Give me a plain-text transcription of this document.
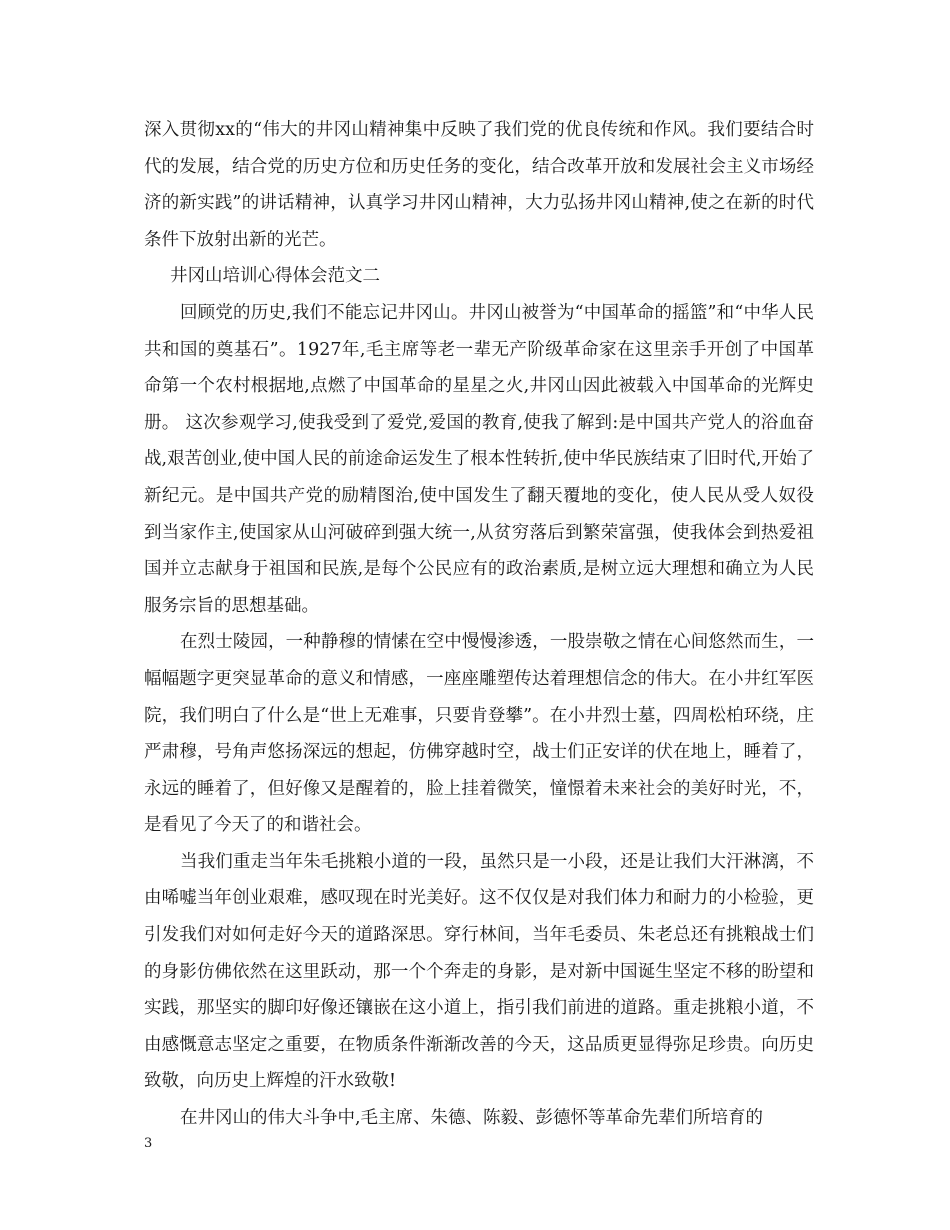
深入贯彻xx的“伟大的井冈山精神集中反映了我们党的优良传统和作风。我们要结合时代的发展，结合党的历史方位和历史任务的变化，结合改革开放和发展社会主义市场经济的新实践”的讲话精神，认真学习井冈山精神，大力弘扬井冈山精神,使之在新的时代条件下放射出新的光芒。

井冈山培训心得体会范文二

回顾党的历史,我们不能忘记井冈山。井冈山被誉为“中国革命的摇篮”和“中华人民共和国的奠基石”。1927年,毛主席等老一辈无产阶级革命家在这里亲手开创了中国革命第一个农村根据地,点燃了中国革命的星星之火,井冈山因此被载入中国革命的光辉史册。 这次参观学习,使我受到了爱党,爱国的教育,使我了解到:是中国共产党人的浴血奋战,艰苦创业,使中国人民的前途命运发生了根本性转折,使中华民族结束了旧时代,开始了新纪元。是中国共产党的励精图治,使中国发生了翻天覆地的变化，使人民从受人奴役到当家作主,使国家从山河破碎到强大统一,从贫穷落后到繁荣富强，使我体会到热爱祖国并立志献身于祖国和民族,是每个公民应有的政治素质,是树立远大理想和确立为人民服务宗旨的思想基础。

在烈士陵园，一种静穆的情愫在空中慢慢渗透，一股崇敬之情在心间悠然而生，一幅幅题字更突显革命的意义和情感，一座座雕塑传达着理想信念的伟大。在小井红军医院，我们明白了什么是“世上无难事，只要肯登攀”。在小井烈士墓，四周松柏环绕，庄严肃穆，号角声悠扬深远的想起，仿佛穿越时空，战士们正安详的伏在地上，睡着了，永远的睡着了，但好像又是醒着的，脸上挂着微笑，憧憬着未来社会的美好时光，不，是看见了今天了的和谐社会。

当我们重走当年朱毛挑粮小道的一段，虽然只是一小段，还是让我们大汗淋漓，不由唏嘘当年创业艰难，感叹现在时光美好。这不仅仅是对我们体力和耐力的小检验，更引发我们对如何走好今天的道路深思。穿行林间，当年毛委员、朱老总还有挑粮战士们的身影仿佛依然在这里跃动，那一个个奔走的身影，是对新中国诞生坚定不移的盼望和实践，那坚实的脚印好像还镶嵌在这小道上，指引我们前进的道路。重走挑粮小道，不由感慨意志坚定之重要，在物质条件渐渐改善的今天，这品质更显得弥足珍贵。向历史致敬，向历史上辉煌的汗水致敬!

在井冈山的伟大斗争中,毛主席、朱德、陈毅、彭德怀等革命先辈们所培育的

3
